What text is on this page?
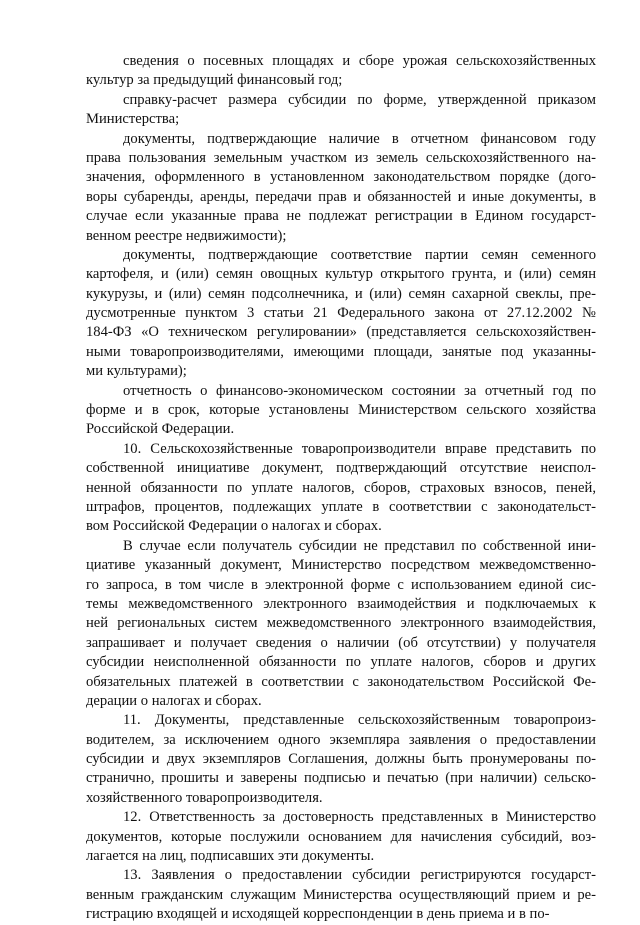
сведения о посевных площадях и сборе урожая сельскохозяйственных
культур за предыдущий финансовый год;
справку-расчет размера субсидии по форме, утвержденной приказом
Министерства;
документы, подтверждающие наличие в отчетном финансовом году
права пользования земельным участком из земель сельскохозяйственного на-
значения, оформленного в установленном законодательством порядке (дого-
воры субаренды, аренды, передачи прав и обязанностей и иные документы, в
случае если указанные права не подлежат регистрации в Едином государст-
венном реестре недвижимости);
документы, подтверждающие соответствие партии семян семенного
картофеля, и (или) семян овощных культур открытого грунта, и (или) семян
кукурузы, и (или) семян подсолнечника, и (или) семян сахарной свеклы, пре-
дусмотренные пунктом 3 статьи 21 Федерального закона от 27.12.2002 №
184-ФЗ «О техническом регулировании» (представляется сельскохозяйствен-
ными товаропроизводителями, имеющими площади, занятые под указанны-
ми культурами);
отчетность о финансово-экономическом состоянии за отчетный год по
форме и в срок, которые установлены Министерством сельского хозяйства
Российской Федерации.
10. Сельскохозяйственные товаропроизводители вправе представить по
собственной инициативе документ, подтверждающий отсутствие неиспол-
ненной обязанности по уплате налогов, сборов, страховых взносов, пеней,
штрафов, процентов, подлежащих уплате в соответствии с законодательст-
вом Российской Федерации о налогах и сборах.
В случае если получатель субсидии не представил по собственной ини-
циативе указанный документ, Министерство посредством межведомственно-
го запроса, в том числе в электронной форме с использованием единой сис-
темы межведомственного электронного взаимодействия и подключаемых к
ней региональных систем межведомственного электронного взаимодействия,
запрашивает и получает сведения о наличии (об отсутствии) у получателя
субсидии неисполненной обязанности по уплате налогов, сборов и других
обязательных платежей в соответствии с законодательством Российской Фе-
дерации о налогах и сборах.
11. Документы, представленные сельскохозяйственным товаропроиз-
водителем, за исключением одного экземпляра заявления о предоставлении
субсидии и двух экземпляров Соглашения, должны быть пронумерованы по-
странично, прошиты и заверены подписью и печатью (при наличии) сельско-
хозяйственного товаропроизводителя.
12. Ответственность за достоверность представленных в Министерство
документов, которые послужили основанием для начисления субсидий, воз-
лагается на лиц, подписавших эти документы.
13. Заявления о предоставлении субсидии регистрируются государст-
венным гражданским служащим Министерства осуществляющий прием и ре-
гистрацию входящей и исходящей корреспонденции в день приема и в по-
